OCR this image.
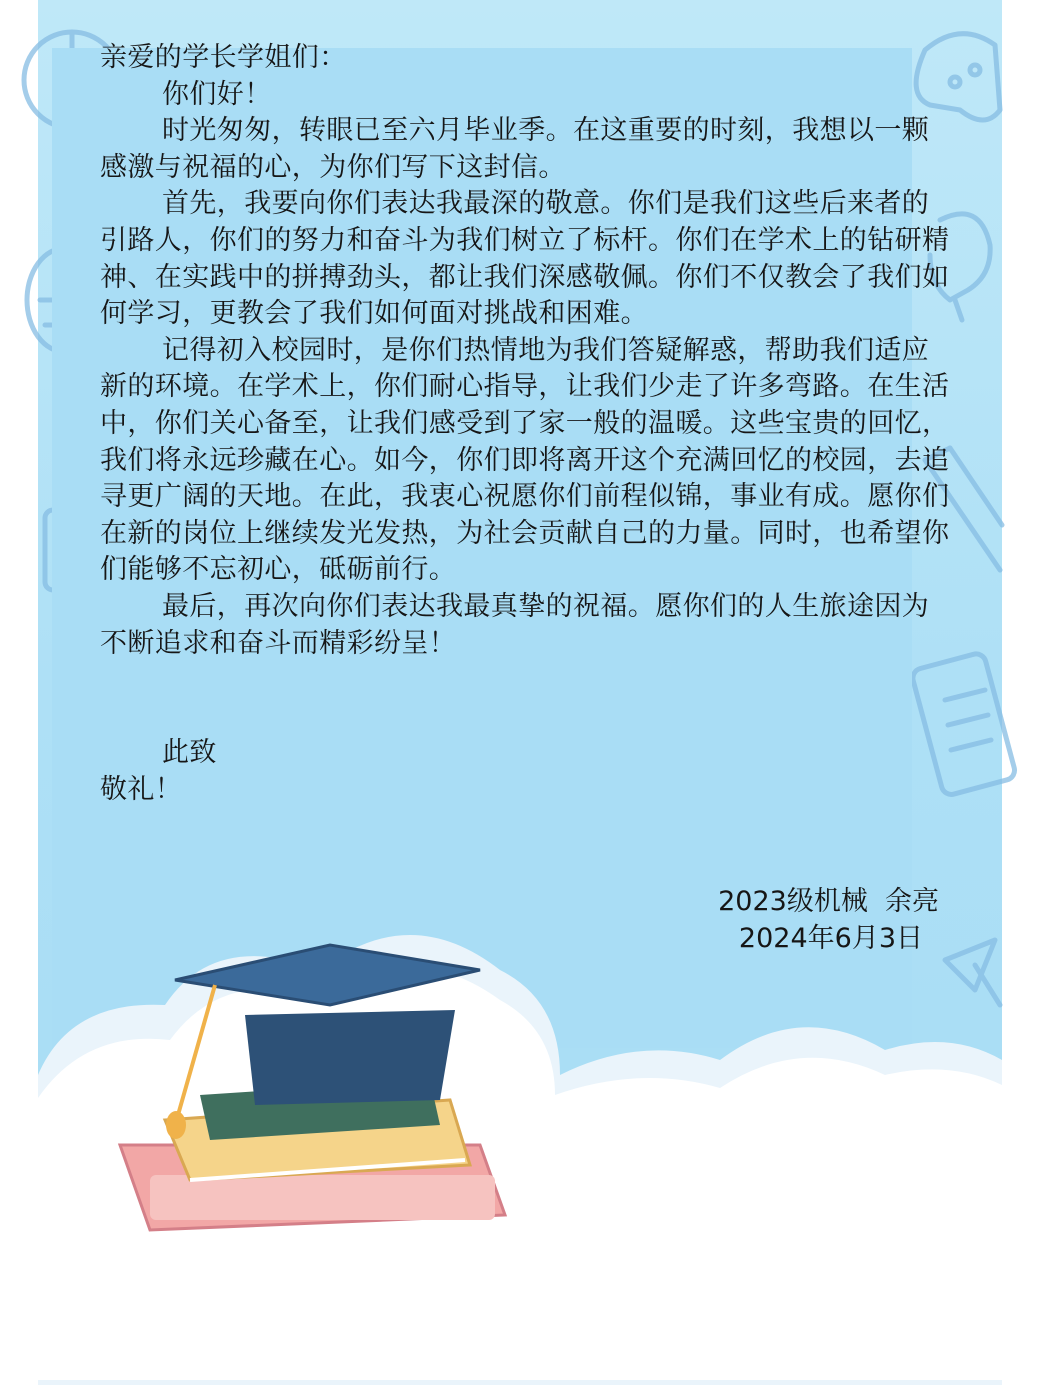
亲爱的学长学姐们：

你们好！

时光匆匆，转眼已至六月毕业季。在这重要的时刻，我想以一颗感激与祝福的心，为你们写下这封信。

首先，我要向你们表达我最深的敬意。你们是我们这些后来者的引路人，你们的努力和奋斗为我们树立了标杆。你们在学术上的钻研精神、在实践中的拼搏劲头，都让我们深感敬佩。你们不仅教会了我们如何学习，更教会了我们如何面对挑战和困难。

记得初入校园时，是你们热情地为我们答疑解惑，帮助我们适应新的环境。在学术上，你们耐心指导，让我们少走了许多弯路。在生活中，你们关心备至，让我们感受到了家一般的温暖。这些宝贵的回忆，我们将永远珍藏在心。如今，你们即将离开这个充满回忆的校园，去追寻更广阔的天地。在此，我衷心祝愿你们前程似锦，事业有成。愿你们在新的岗位上继续发光发热，为社会贡献自己的力量。同时，也希望你们能够不忘初心，砥砺前行。

最后，再次向你们表达我最真挚的祝福。愿你们的人生旅途因为不断追求和奋斗而精彩纷呈！

此致

敬礼！

2023级机械  余亮

2024年6月3日
